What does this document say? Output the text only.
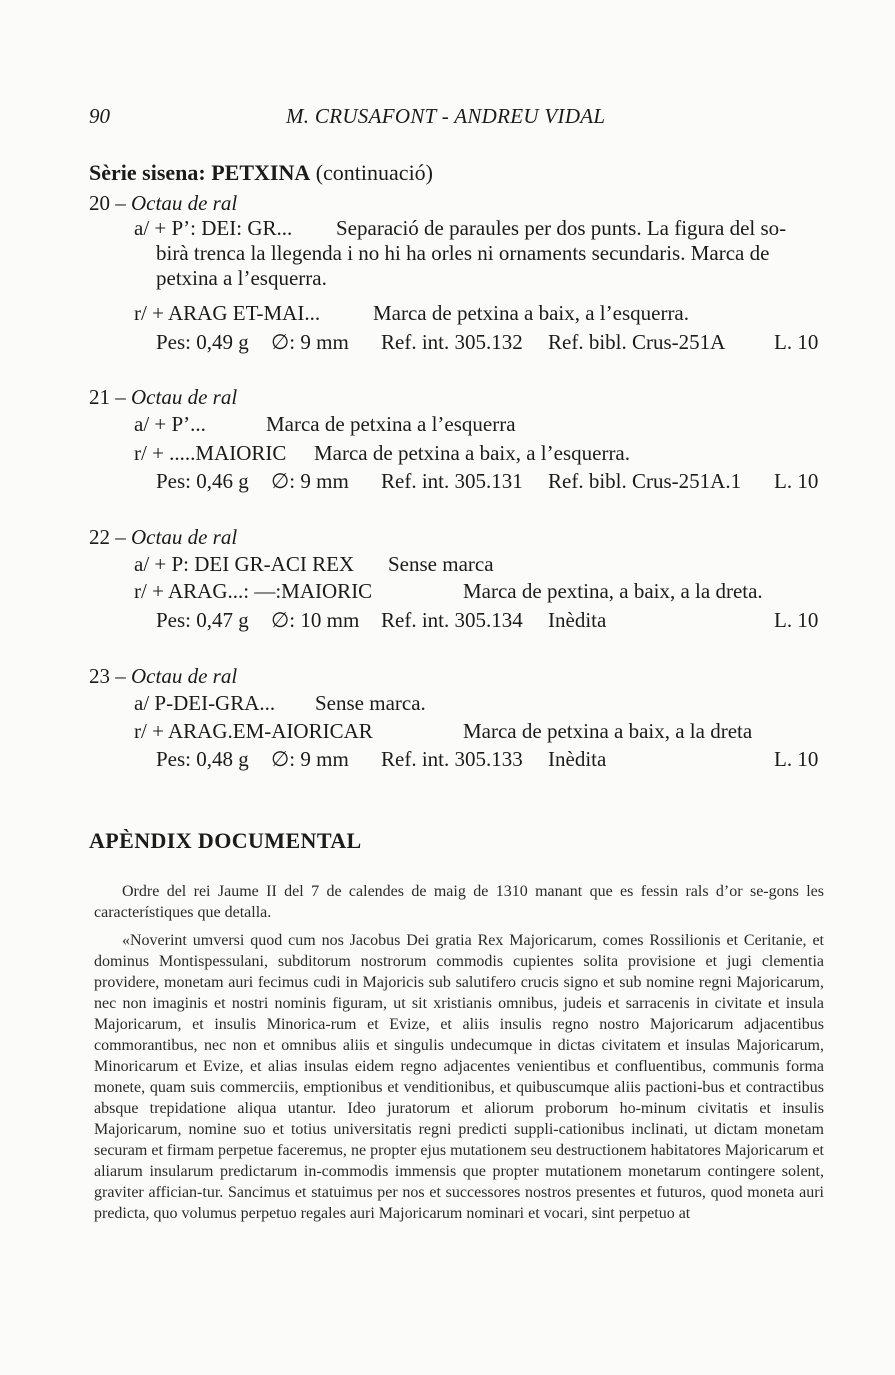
90	M. CRUSAFONT - ANDREU VIDAL
Sèrie sisena: PETXINA (continuació)
20 – Octau de ral
a/ + P’: DEI: GR... Separació de paraules per dos punts. La figura del so-
birà trenca la llegenda i no hi ha orles ni ornaments secundaris. Marca de
petxina a l’esquerra.
r/ + ARAG ET-MAI...	Marca de petxina a baix, a l’esquerra.
Pes: 0,49 g ∅: 9 mm Ref. int. 305.132 Ref. bibl. Crus-251A L. 10
21 – Octau de ral
a/ + P’...	Marca de petxina a l’esquerra
r/ + .....MAIORIC Marca de petxina a baix, a l’esquerra.
Pes: 0,46 g ∅: 9 mm Ref. int. 305.131 Ref. bibl. Crus-251A.1 L. 10
22 – Octau de ral
a/ + P: DEI GR-ACI REX Sense marca
r/ + ARAG...: —:MAIORIC	Marca de pextina, a baix, a la dreta.
Pes: 0,47 g ∅: 10 mm Ref. int. 305.134 Inèdita	L. 10
23 – Octau de ral
a/ P-DEI-GRA... Sense marca.
r/ + ARAG.EM-AIORICAR	Marca de petxina a baix, a la dreta
Pes: 0,48 g ∅: 9 mm Ref. int. 305.133 Inèdita	L. 10
APÈNDIX DOCUMENTAL

Ordre del rei Jaume II del 7 de calendes de maig de 1310 manant que es fessin rals d’or se-gons les característiques que detalla.

«Noverint umversi quod cum nos Jacobus Dei gratia Rex Majoricarum, comes Rossilionis et Ceritanie, et dominus Montispessulani, subditorum nostrorum commodis cupientes solita provisione et jugi clementia providere, monetam auri fecimus cudi in Majoricis sub salutifero crucis signo et sub nomine regni Majoricarum, nec non imaginis et nostri nominis figuram, ut sit xristianis omnibus, judeis et sarracenis in civitate et insula Majoricarum, et insulis Minorica-rum et Evize, et aliis insulis regno nostro Majoricarum adjacentibus commorantibus, nec non et omnibus aliis et singulis undecumque in dictas civitatem et insulas Majoricarum, Minoricarum et Evize, et alias insulas eidem regno adjacentes venientibus et confluentibus, communis forma monete, quam suis commerciis, emptionibus et venditionibus, et quibuscumque aliis pactioni-bus et contractibus absque trepidatione aliqua utantur. Ideo juratorum et aliorum proborum ho-minum civitatis et insulis Majoricarum, nomine suo et totius universitatis regni predicti suppli-cationibus inclinati, ut dictam monetam securam et firmam perpetue faceremus, ne propter ejus mutationem seu destructionem habitatores Majoricarum et aliarum insularum predictarum in-commodis immensis que propter mutationem monetarum contingere solent, graviter affician-tur. Sancimus et statuimus per nos et successores nostros presentes et futuros, quod moneta auri predicta, quo volumus perpetuo regales auri Majoricarum nominari et vocari, sint perpetuo at
